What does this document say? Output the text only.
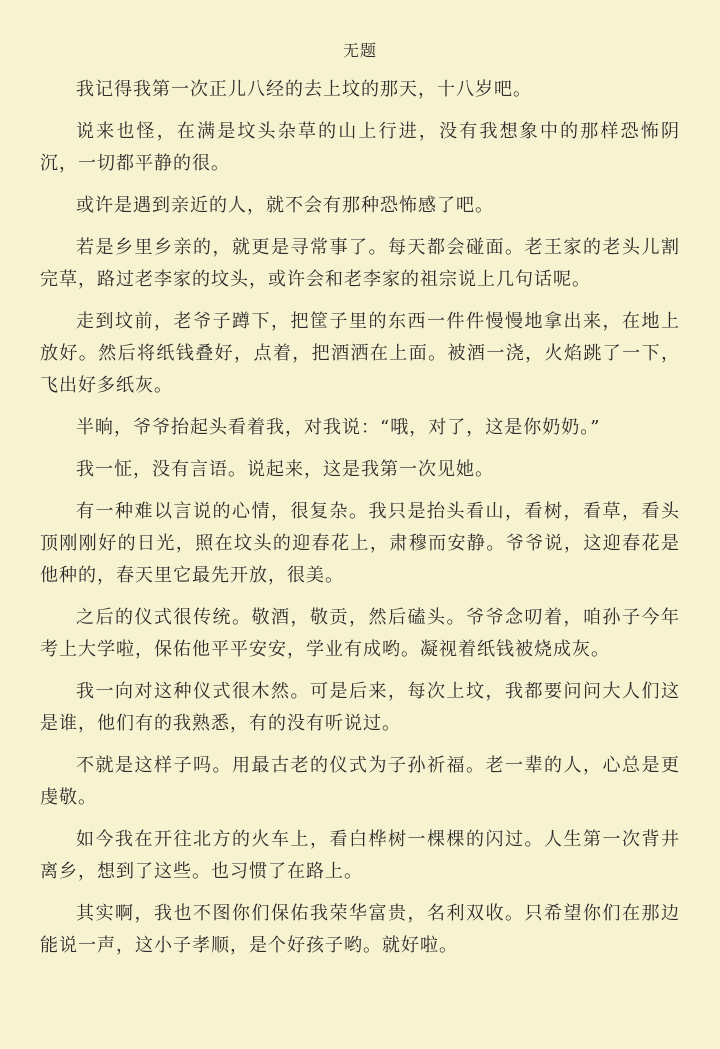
无题

我记得我第一次正儿八经的去上坟的那天，十八岁吧。

说来也怪，在满是坟头杂草的山上行进，没有我想象中的那样恐怖阴沉，一切都平静的很。

或许是遇到亲近的人，就不会有那种恐怖感了吧。

若是乡里乡亲的，就更是寻常事了。每天都会碰面。老王家的老头儿割完草，路过老李家的坟头，或许会和老李家的祖宗说上几句话呢。

走到坟前，老爷子蹲下，把筐子里的东西一件件慢慢地拿出来，在地上放好。然后将纸钱叠好，点着，把酒洒在上面。被酒一浇，火焰跳了一下，飞出好多纸灰。

半晌，爷爷抬起头看着我，对我说：“哦，对了，这是你奶奶。”

我一怔，没有言语。说起来，这是我第一次见她。

有一种难以言说的心情，很复杂。我只是抬头看山，看树，看草，看头顶刚刚好的日光，照在坟头的迎春花上，肃穆而安静。爷爷说，这迎春花是他种的，春天里它最先开放，很美。

之后的仪式很传统。敬酒，敬贡，然后磕头。爷爷念叨着，咱孙子今年考上大学啦，保佑他平平安安，学业有成哟。凝视着纸钱被烧成灰。

我一向对这种仪式很木然。可是后来，每次上坟，我都要问问大人们这是谁，他们有的我熟悉，有的没有听说过。

不就是这样子吗。用最古老的仪式为子孙祈福。老一辈的人，心总是更虔敬。

如今我在开往北方的火车上，看白桦树一棵棵的闪过。人生第一次背井离乡，想到了这些。也习惯了在路上。

其实啊，我也不图你们保佑我荣华富贵，名利双收。只希望你们在那边能说一声，这小子孝顺，是个好孩子哟。就好啦。
